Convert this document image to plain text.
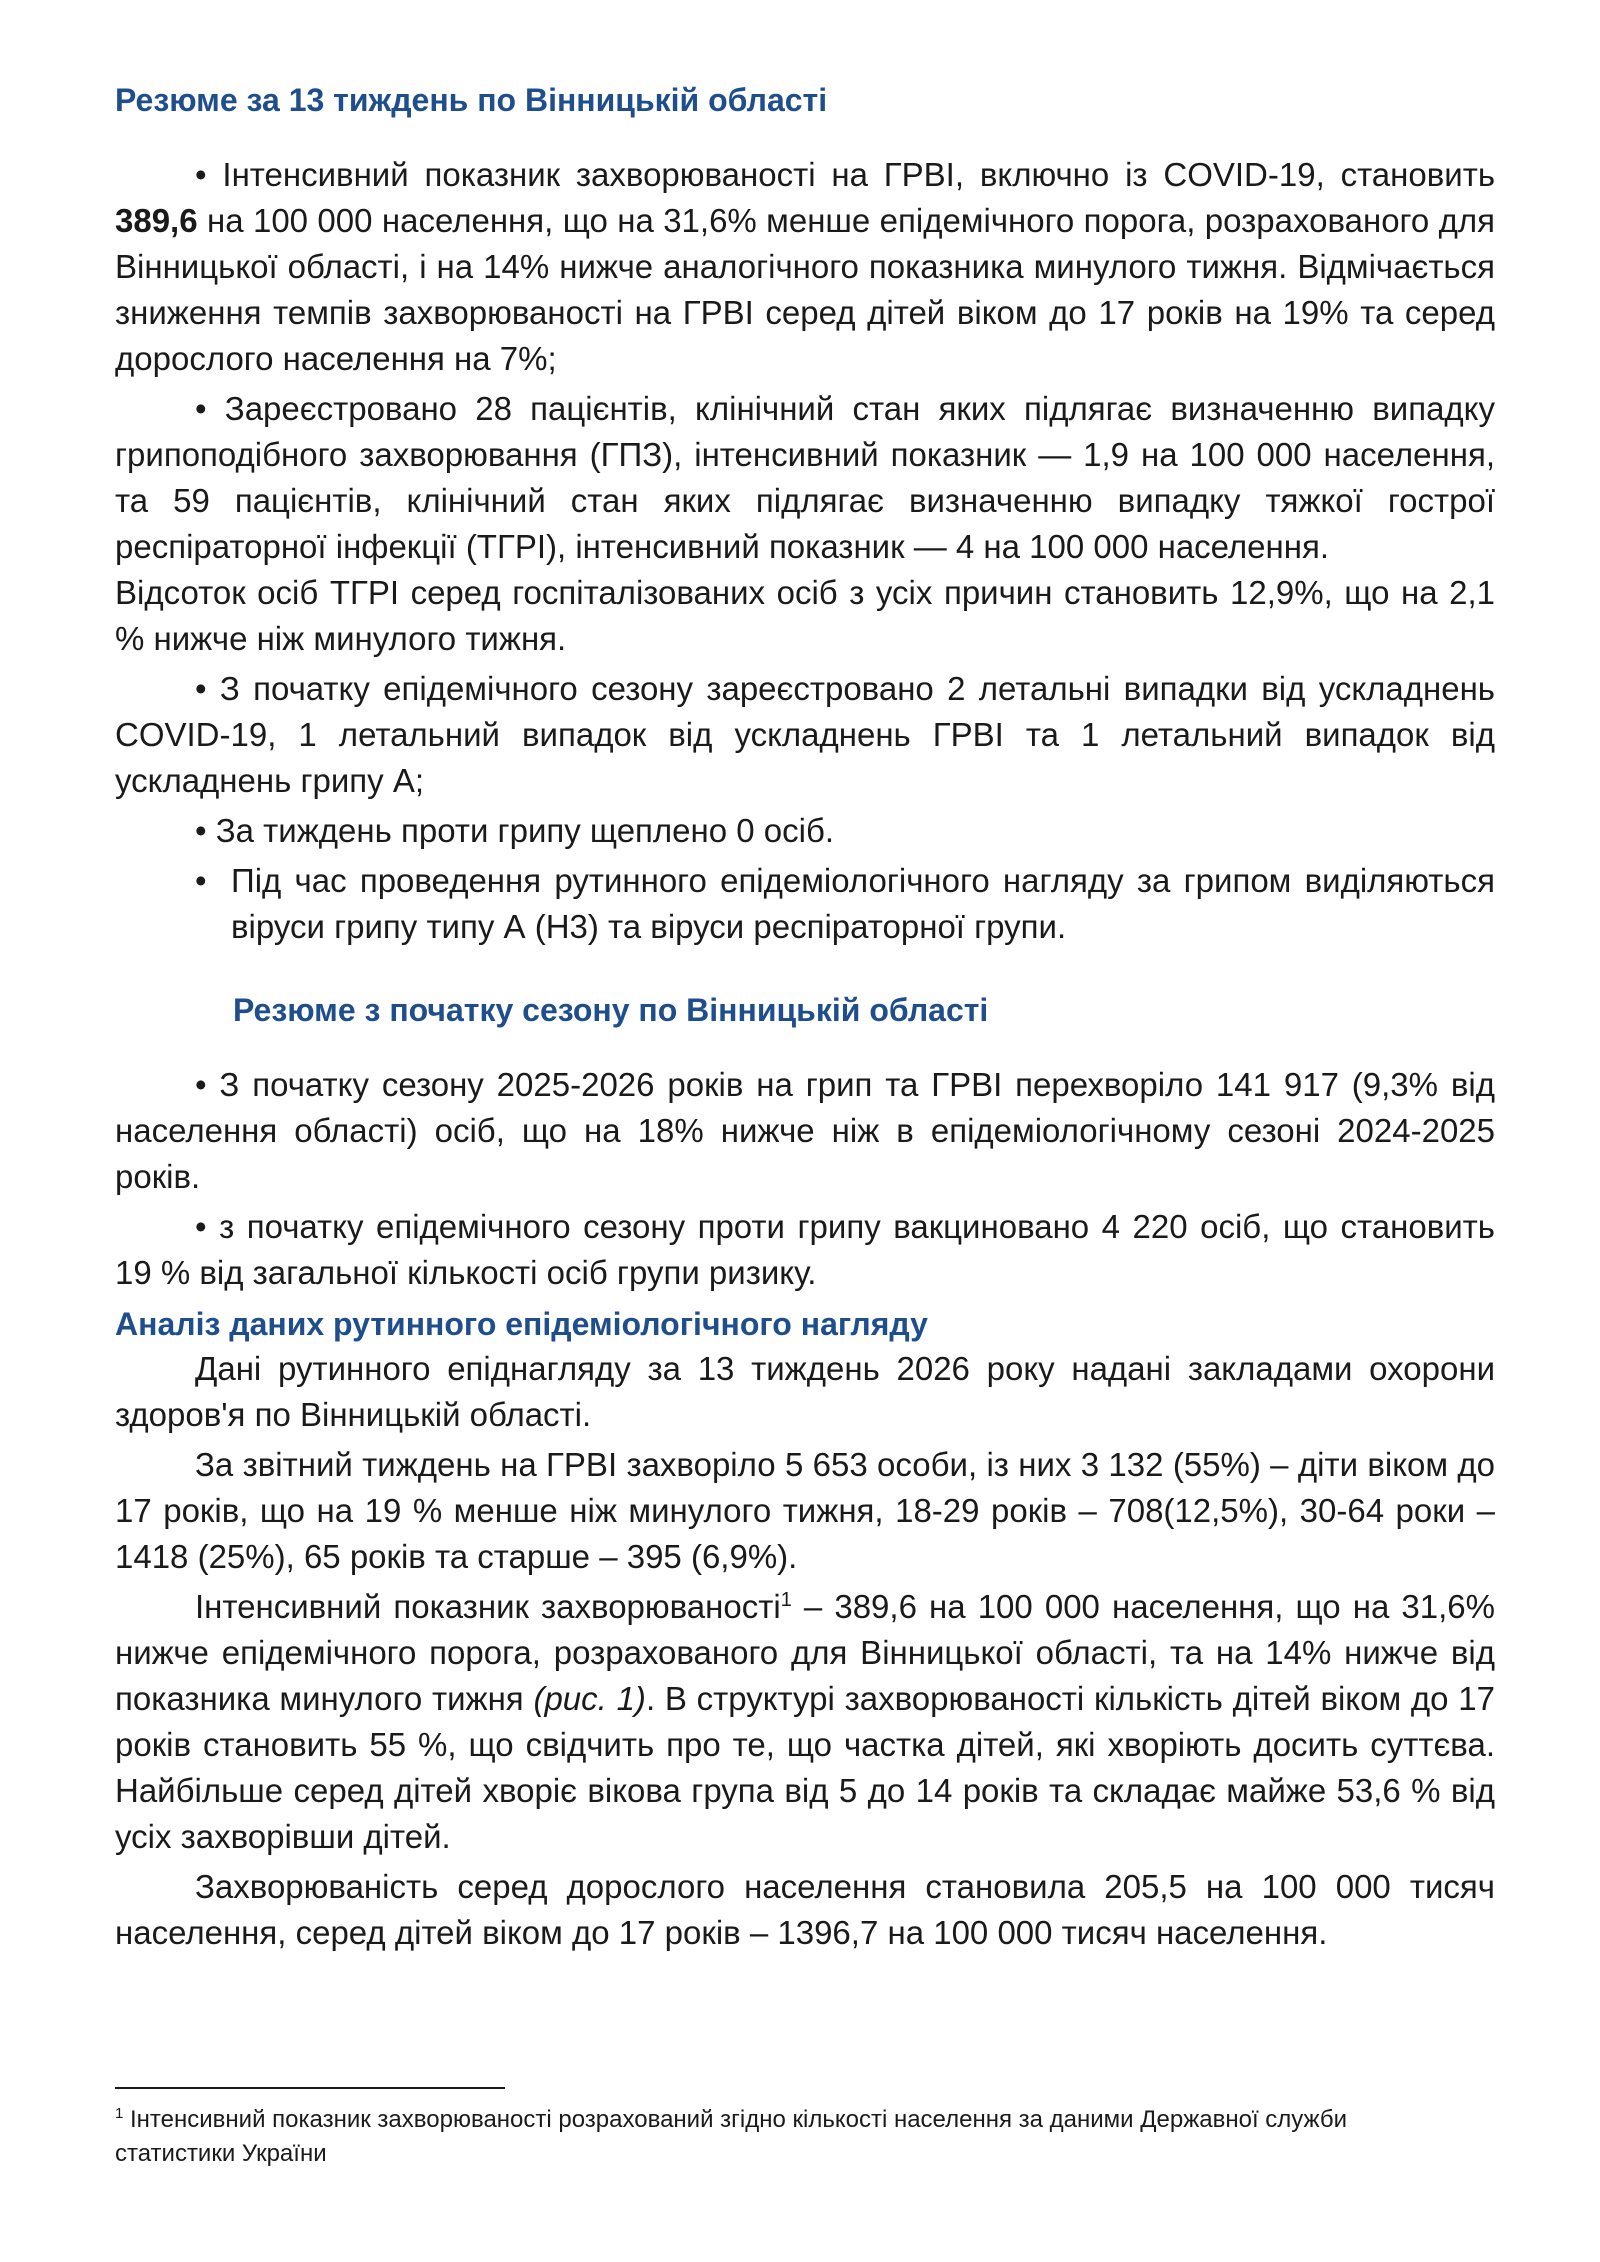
Резюме за 13 тиждень по Вінницькій області

• Інтенсивний показник захворюваності на ГРВІ, включно із COVID-19, становить 389,6 на 100 000 населення, що на 31,6% менше епідемічного порога, розрахованого для Вінницької області, і на 14% нижче аналогічного показника минулого тижня. Відмічається зниження темпів захворюваності на ГРВІ серед дітей віком до 17 років на 19% та серед дорослого населення на 7%;

• Зареєстровано 28 пацієнтів, клінічний стан яких підлягає визначенню випадку грипоподібного захворювання (ГПЗ), інтенсивний показник — 1,9 на 100 000 населення, та 59 пацієнтів, клінічний стан яких підлягає визначенню випадку тяжкої гострої респіраторної інфекції (ТГРІ), інтенсивний показник — 4 на 100 000 населення.

Відсоток осіб ТГРІ серед госпіталізованих осіб з усіх причин становить 12,9%, що на 2,1 % нижче ніж минулого тижня.

• З початку епідемічного сезону зареєстровано 2 летальні випадки від ускладнень COVID-19, 1 летальний випадок від ускладнень ГРВІ та 1 летальний випадок від ускладнень грипу А;

• За тиждень проти грипу щеплено 0 осіб.

• Під час проведення рутинного епідеміологічного нагляду за грипом виділяються віруси грипу типу А (Н3) та віруси респіраторної групи.

Резюме з початку сезону по Вінницькій області

• З початку сезону 2025-2026 років на грип та ГРВІ перехворіло 141 917 (9,3% від населення області) осіб, що на 18% нижче ніж в епідеміологічному сезоні 2024-2025 років.

• з початку епідемічного сезону проти грипу вакциновано 4 220 осіб, що становить 19 % від загальної кількості осіб групи ризику.

Аналіз даних рутинного епідеміологічного нагляду

Дані рутинного епіднагляду за 13 тиждень 2026 року надані закладами охорони здоров'я по Вінницькій області.

За звітний тиждень на ГРВІ захворіло 5 653 особи, із них 3 132 (55%) – діти віком до 17 років, що на 19 % менше ніж минулого тижня, 18-29 років – 708(12,5%), 30-64 роки – 1418 (25%), 65 років та старше – 395 (6,9%).

Інтенсивний показник захворюваності$^1$ – 389,6 на 100 000 населення, що на 31,6% нижче епідемічного порога, розрахованого для Вінницької області, та на 14% нижче від показника минулого тижня (рис. 1). В структурі захворюваності кількість дітей віком до 17 років становить 55 %, що свідчить про те, що частка дітей, які хворіють досить суттєва. Найбільше серед дітей хворіє вікова група від 5 до 14 років та складає майже 53,6 % від усіх захворівши дітей.

Захворюваність серед дорослого населення становила 205,5 на 100 000 тисяч населення, серед дітей віком до 17 років – 1396,7 на 100 000 тисяч населення.

$^1$ Інтенсивний показник захворюваності розрахований згідно кількості населення за даними Державної служби статистики України
